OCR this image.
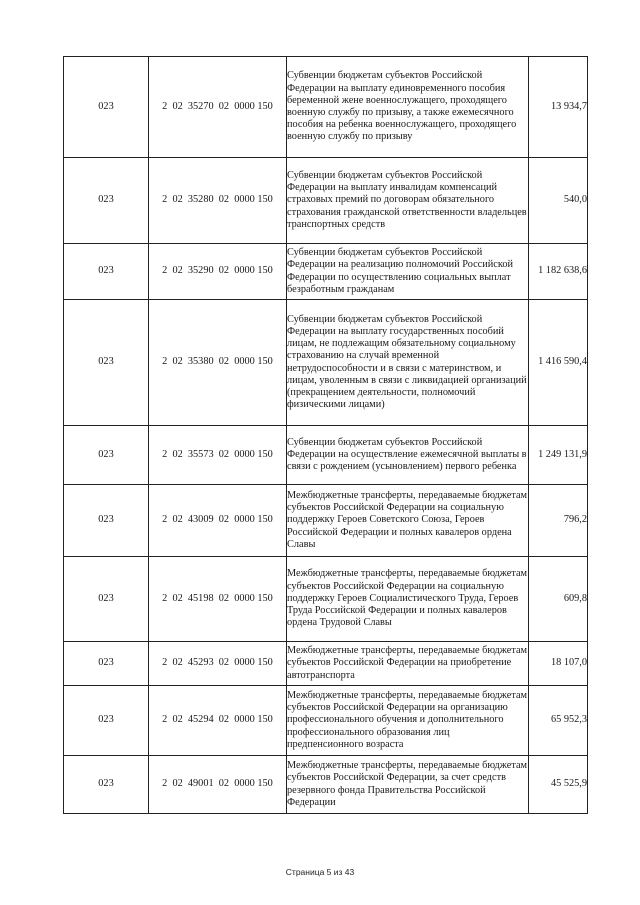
023	2  02  35270  02  0000 150	Субвенции бюджетам субъектов Российской Федерации на выплату единовременного пособия беременной жене военнослужащего, проходящего военную службу по призыву, а также ежемесячного пособия на ребенка военнослужащего, проходящего военную службу по призыву	13 934,7
023	2  02  35280  02  0000 150	Субвенции бюджетам субъектов Российской Федерации на выплату инвалидам компенсаций страховых премий по договорам обязательного страхования гражданской ответственности владельцев транспортных средств	540,0
023	2  02  35290  02  0000 150	Субвенции бюджетам субъектов Российской Федерации на реализацию полномочий Российской Федерации по осуществлению социальных выплат безработным гражданам	1 182 638,6
023	2  02  35380  02  0000 150	Субвенции бюджетам субъектов Российской Федерации на выплату государственных пособий лицам, не подлежащим обязательному социальному страхованию на случай временной нетрудоспособности и в связи с материнством, и лицам, уволенным в связи с ликвидацией организаций (прекращением деятельности, полномочий физическими лицами)	1 416 590,4
023	2  02  35573  02  0000 150	Субвенции бюджетам субъектов Российской Федерации на осуществление ежемесячной выплаты в связи с рождением (усыновлением) первого ребенка	1 249 131,9
023	2  02  43009  02  0000 150	Межбюджетные трансферты, передаваемые бюджетам субъектов Российской Федерации на социальную поддержку Героев Советского Союза, Героев Российской Федерации и полных кавалеров ордена Славы	796,2
023	2  02  45198  02  0000 150	Межбюджетные трансферты, передаваемые бюджетам субъектов Российской Федерации на социальную поддержку Героев Социалистического Труда, Героев Труда Российской Федерации и полных кавалеров ордена Трудовой Славы	609,8
023	2  02  45293  02  0000 150	Межбюджетные трансферты, передаваемые бюджетам субъектов Российской Федерации на приобретение автотранспорта	18 107,0
023	2  02  45294  02  0000 150	Межбюджетные трансферты, передаваемые бюджетам субъектов Российской Федерации на организацию профессионального обучения и дополнительного профессионального образования лиц предпенсионного возраста	65 952,3
023	2  02  49001  02  0000 150	Межбюджетные трансферты, передаваемые бюджетам субъектов Российской Федерации, за счет средств резервного фонда Правительства Российской Федерации	45 525,9
Страница 5 из 43
